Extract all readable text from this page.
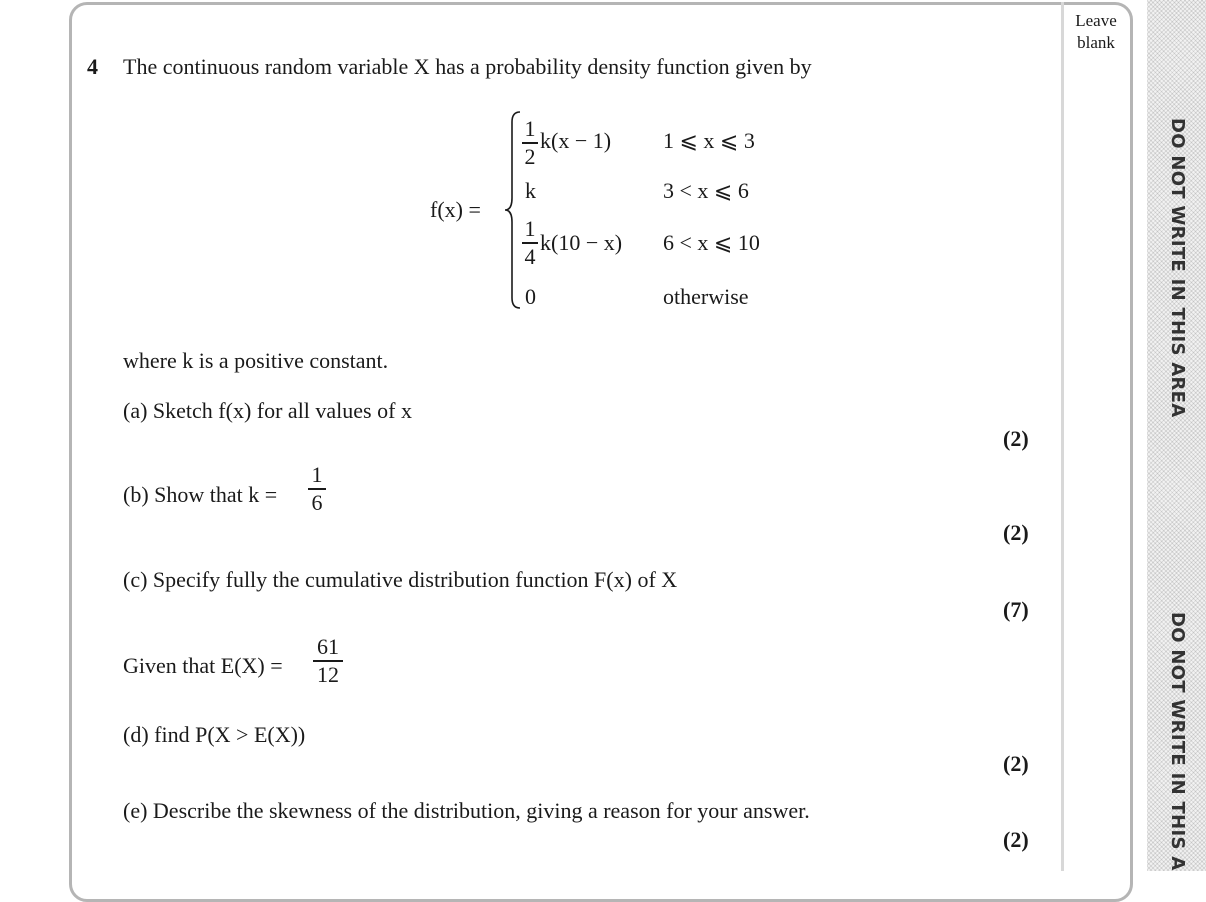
Leave blank
DO NOT WRITE IN THIS AREA
DO NOT WRITE IN THIS A
4 The continuous random variable X has a probability density function given by
f(x) =
1
2
k(x − 1) 1 ⩽ x ⩽ 3
k	3 < x ⩽ 6
1
4
k(10 − x) 6 < x ⩽ 10
0	otherwise
where k is a positive constant.
(a) Sketch f(x) for all values of x
(2)
(b) Show that k =
1
6
(2)
(c) Specify fully the cumulative distribution function F(x) of X
(7)
Given that E(X) =
61
12
(d) find P(X > E(X))
(2)
(e) Describe the skewness of the distribution, giving a reason for your answer.
(2)
